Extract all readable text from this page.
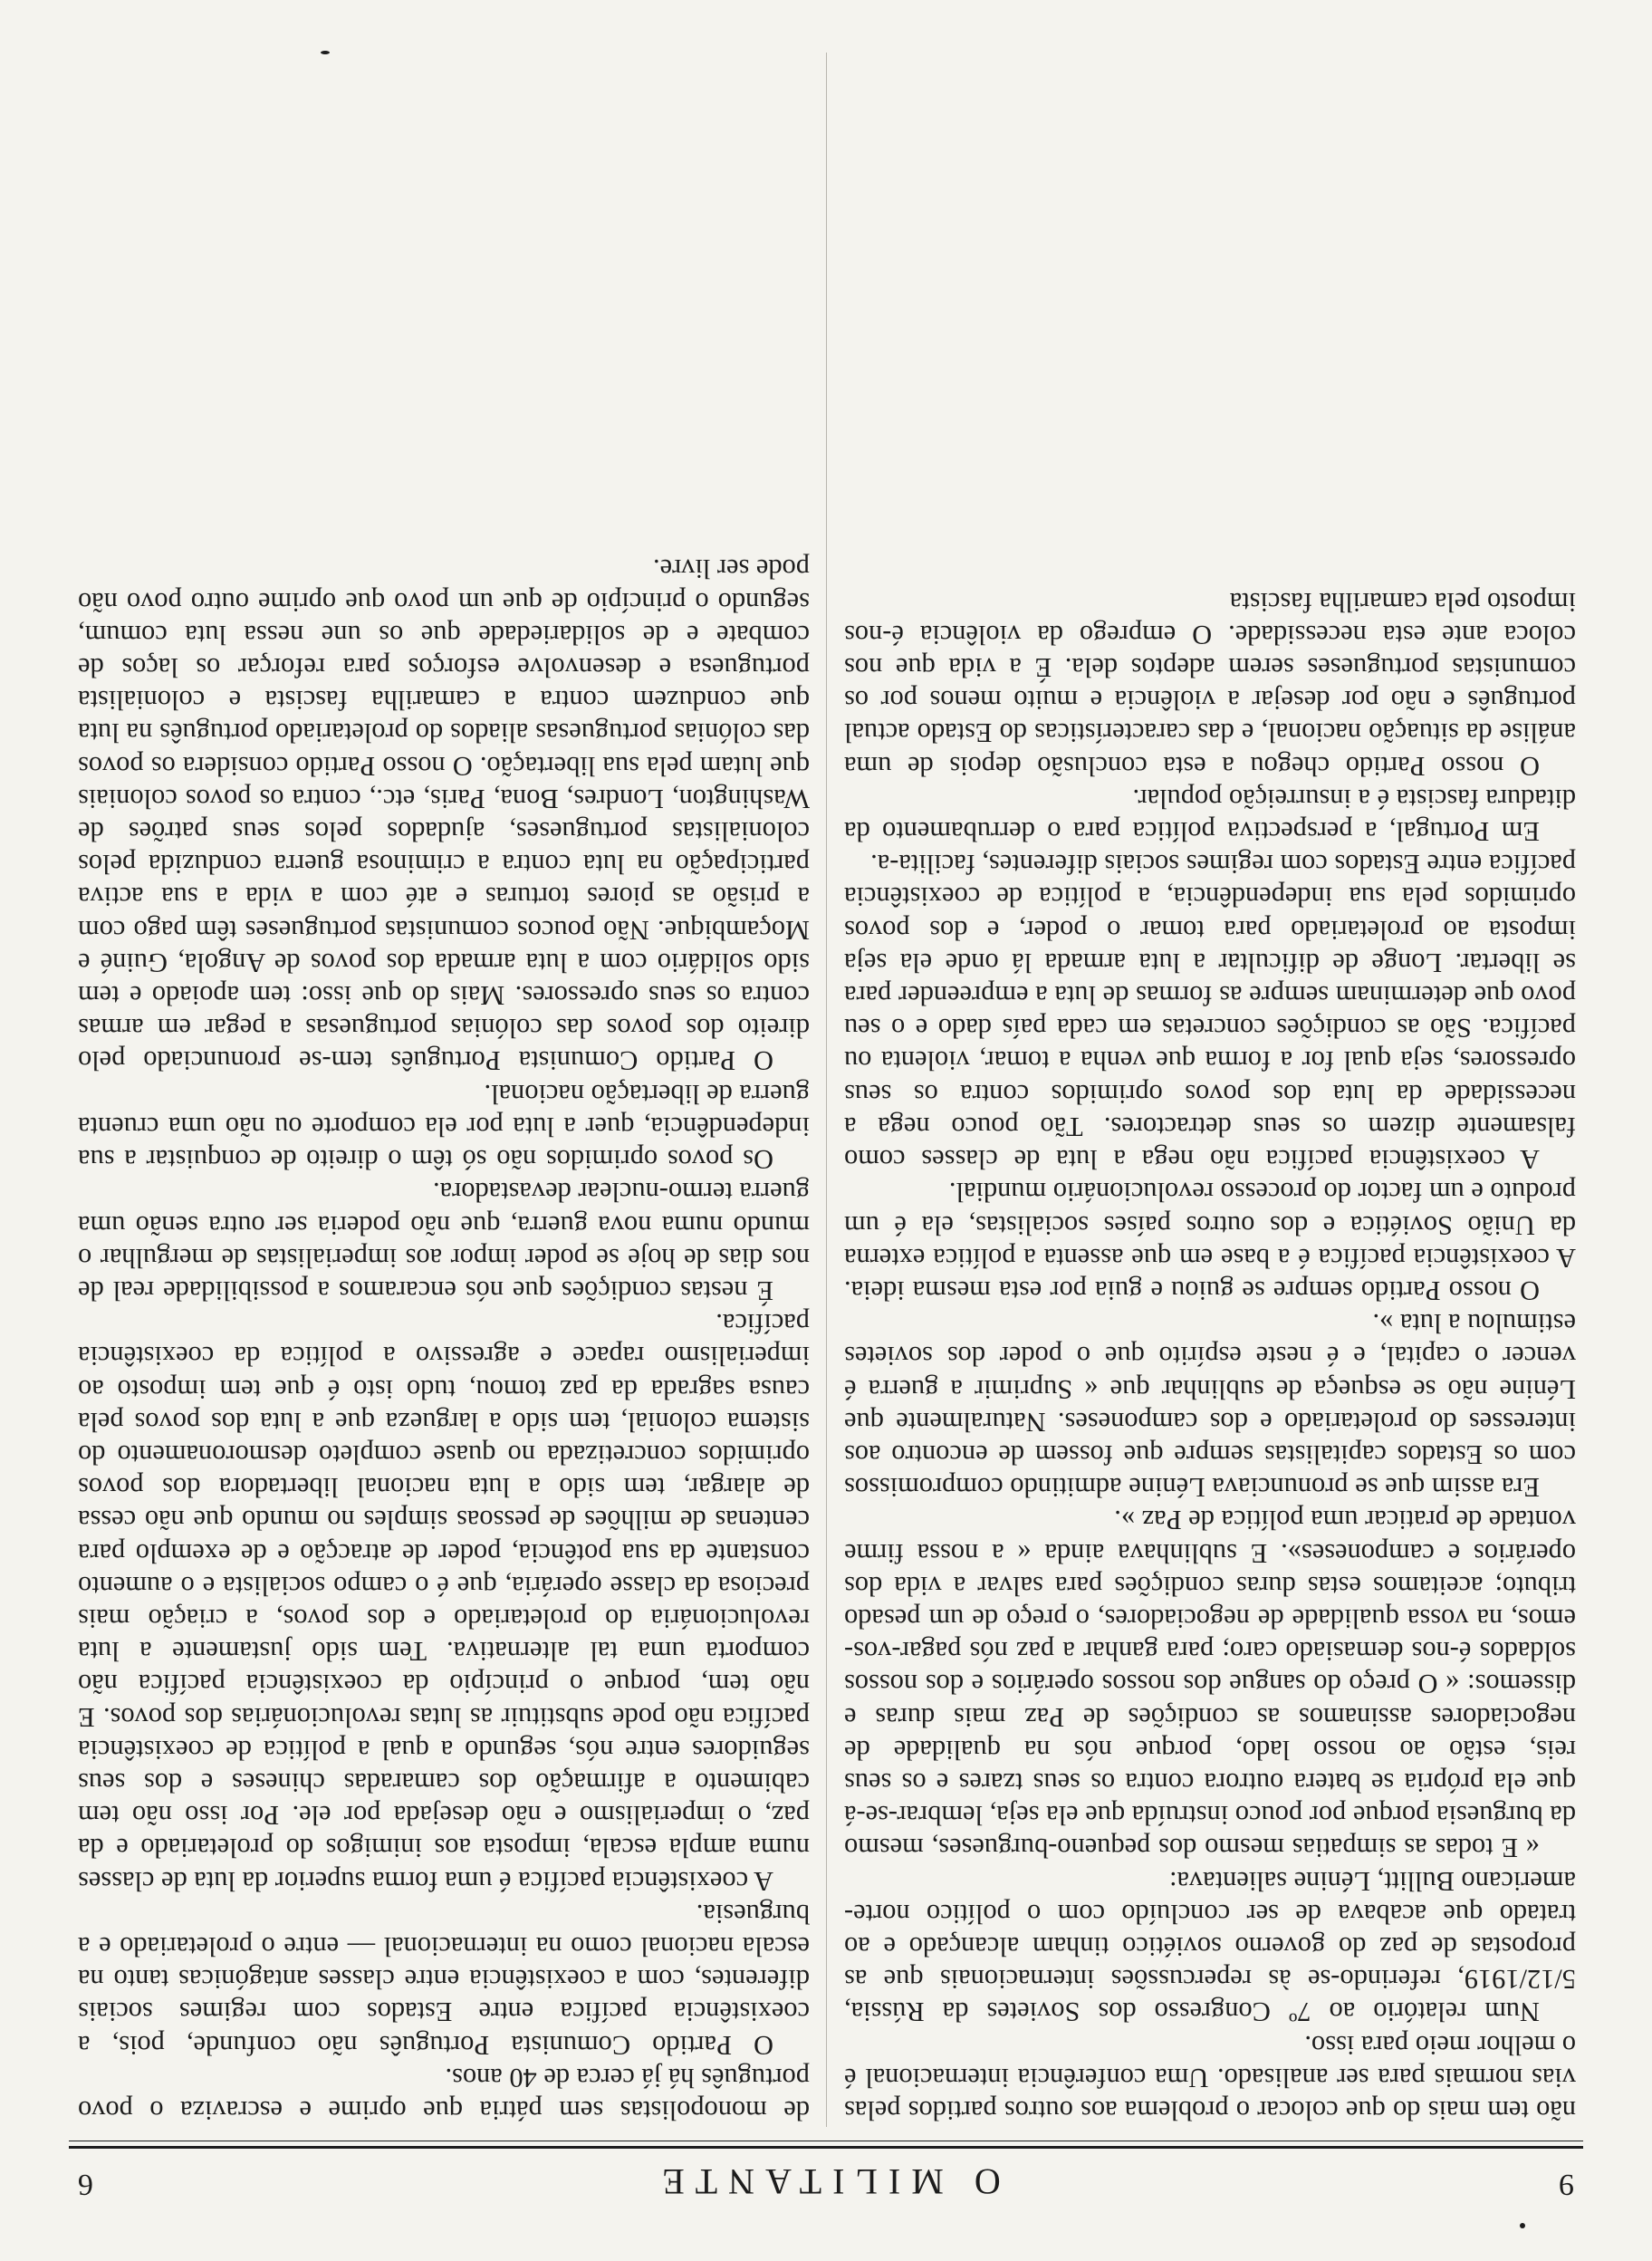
9
O MILITANTE
6

não tem mais do que colocar o problema aos outros partidos pelas vias normais para ser analisado. Uma conferência internacional é o melhor meio para isso.

Num relatório ao 7º Congresso dos Sovietes da Rússia, 5/12/1919, referindo-se às repercussões internacionais que as propostas de paz do governo soviético tinham alcançado e ao tratado que acabava de ser concluído com o político norte-americano Bullitt, Lénine salientava:

« E todas as simpatias mesmo dos pequeno-burgueses, mesmo da burguesia porque por pouco instruída que ela seja, lembrar-se-á que ela própria se batera outrora contra os seus tzares e os seus reis, estão ao nosso lado, porque nós na qualidade de negociadores assinamos as condições de Paz mais duras e dissemos: « O preço do sangue dos nossos operários e dos nossos soldados é-nos demasiado caro; para ganhar a paz nós pagar-vos-emos, na vossa qualidade de negociadores, o preço de um pesado tributo; aceitamos estas duras condições para salvar a vida dos operários e camponeses». E sublinhava ainda « a nossa firme vontade de praticar uma política de Paz ».

Era assim que se pronunciava Lénine admitindo compromissos com os Estados capitalistas sempre que fossem de encontro aos interesses do proletariado e dos camponeses. Naturalmente que Lénine não se esqueça de sublinhar que « Suprimir a guerra é vencer o capital, e é neste espírito que o poder dos sovietes estimulou a luta ».

O nosso Partido sempre se guiou e guia por esta mesma ideia. A coexistência pacífica é a base em que assenta a política externa da União Soviética e dos outros países socialistas, ela é um produto e um factor do processo revolucionário mundial.

A coexistência pacífica não nega a luta de classes como falsamente dizem os seus detractores. Tão pouco nega a necessidade da luta dos povos oprimidos contra os seus opressores, seja qual for a forma que venha a tomar, violenta ou pacífica. São as condições concretas em cada país dado e o seu povo que determinam sempre as formas de luta a empreender para se libertar. Longe de dificultar a luta armada lá onde ela seja imposta ao proletariado para tomar o poder, e dos povos oprimidos pela sua independência, a política de coexistência pacífica entre Estados com regimes sociais diferentes, facilita-a.

Em Portugal, a perspectiva política para o derrubamento da ditadura fascista é a insurreição popular.

O nosso Partido chegou a esta conclusão depois de uma análise da situação nacional, e das características do Estado actual português e não por desejar a violência e muito menos por os comunistas portugueses serem adeptos dela. É a vida que nos coloca ante esta necessidade. O emprego da violência é-nos imposto pela camarilha fascista

de monopolistas sem pátria que oprime e escraviza o povo português há já cerca de 40 anos.

O Partido Comunista Português não confunde, pois, a coexistência pacífica entre Estados com regimes sociais diferentes, com a coexistência entre classes antagónicas tanto na escala nacional como na internacional — entre o proletariado e a burguesia.

A coexistência pacífica é uma forma superior da luta de classes numa ampla escala, imposta aos inimigos do proletariado e da paz, o imperialismo e não desejada por ele. Por isso não tem cabimento a afirmação dos camaradas chineses e dos seus seguidores entre nós, segundo a qual a política de coexistência pacífica não pode substituir as lutas revolucionárias dos povos. E não tem, porque o princípio da coexistência pacífica não comporta uma tal alternativa. Tem sido justamente a luta revolucionária do proletariado e dos povos, a criação mais preciosa da classe operária, que é o campo socialista e o aumento constante da sua potência, poder de atracção e de exemplo para centenas de milhões de pessoas simples no mundo que não cessa de alargar, tem sido a luta nacional libertadora dos povos oprimidos concretizada no quase completo desmoronamento do sistema colonial, tem sido a largueza que a luta dos povos pela causa sagrada da paz tomou, tudo isto é que tem imposto ao imperialismo rapace e agressivo a política da coexistência pacífica.

É nestas condições que nós encaramos a possibilidade real de nos dias de hoje se poder impor aos imperialistas de mergulhar o mundo numa nova guerra, que não poderia ser outra senão uma guerra termo-nuclear devastadora.

Os povos oprimidos não só têm o direito de conquistar a sua independência, quer a luta por ela comporte ou não uma cruenta guerra de libertação nacional.

O Partido Comunista Português tem-se pronunciado pelo direito dos povos das colónias portuguesas a pegar em armas contra os seus opressores. Mais do que isso: tem apoiado e tem sido solidário com a luta armada dos povos de Angola, Guiné e Moçambique. Não poucos comunistas portugueses têm pago com a prisão as piores torturas e até com a vida a sua activa participação na luta contra a criminosa guerra conduzida pelos colonialistas portugueses, ajudados pelos seus patrões de Washington, Londres, Bona, Paris, etc., contra os povos coloniais que lutam pela sua libertação. O nosso Partido considera os povos das colónias portuguesas aliados do proletariado português na luta que conduzem contra a camarilha fascista e colonialista portuguesa e desenvolve esforços para reforçar os laços de combate e de solidariedade que os une nessa luta comum, segundo o princípio de que um povo que oprime outro povo não pode ser livre.
